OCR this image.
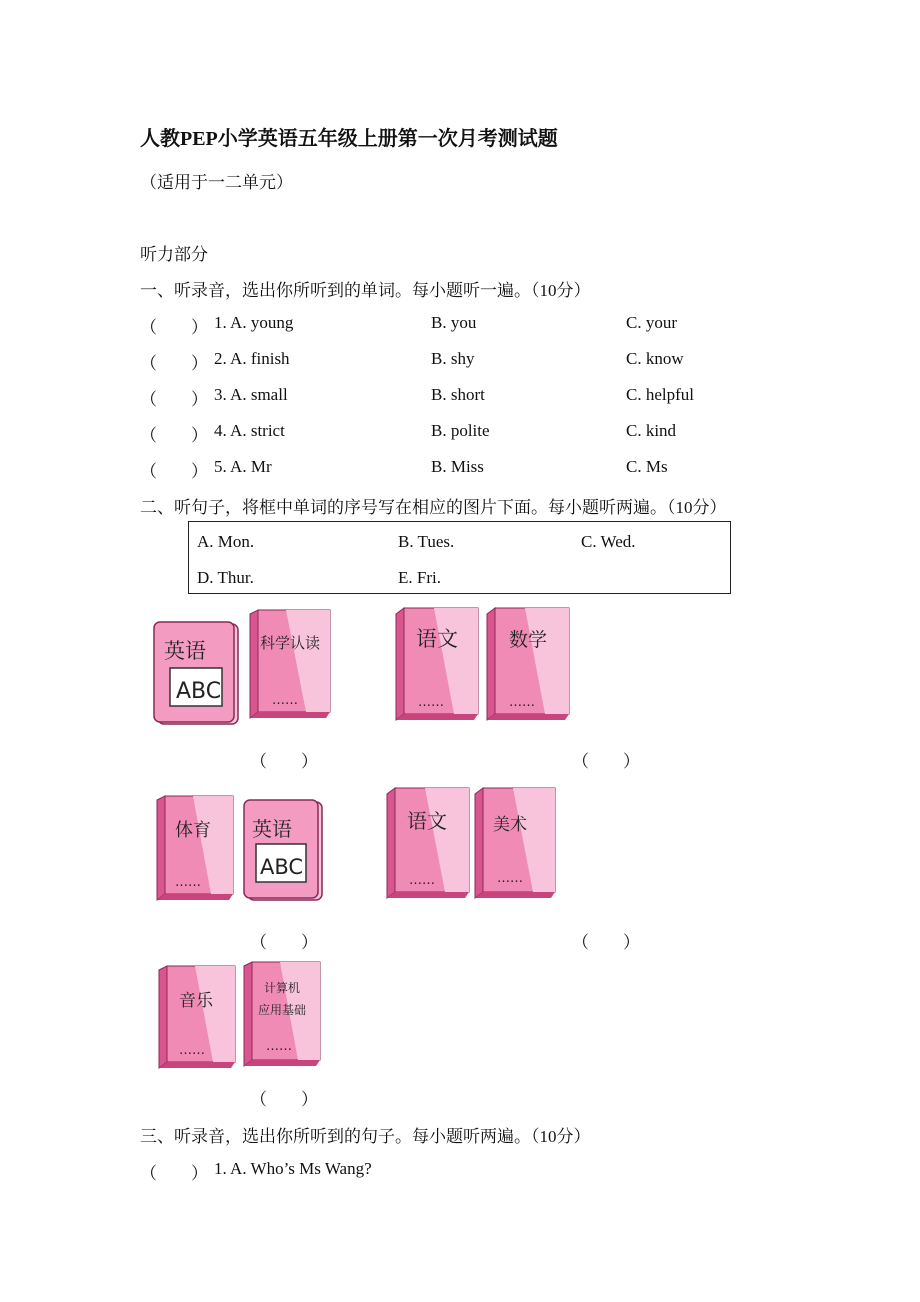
人教PEP小学英语五年级上册第一次月考测试题
（适用于一二单元）
听力部分
一、听录音，选出你所听到的单词。每小题听一遍。（10分）
（　　） 1. A. young	B. you	C. your
（　　） 2. A. finish	B. shy	C. know
（　　） 3. A. small	B. short	C. helpful
（　　） 4. A. strict	B. polite	C. kind
（　　） 5. A. Mr	B. Miss	C. Ms
二、听句子，将框中单词的序号写在相应的图片下面。每小题听两遍。（10分）
A. Mon.	B. Tues.	C. Wed.
D. Thur.	E. Fri.
英语
ABC
科学认读
……
语文
……
数学
……
（　　）	（　　）
体育
……
英语
ABC
语文
……
美术
……
（　　）	（　　）
音乐
……
计算机
应用基础
……
（　　）
三、听录音，选出你所听到的句子。每小题听两遍。（10分）
（　　） 1. A. Who’s Ms Wang?
